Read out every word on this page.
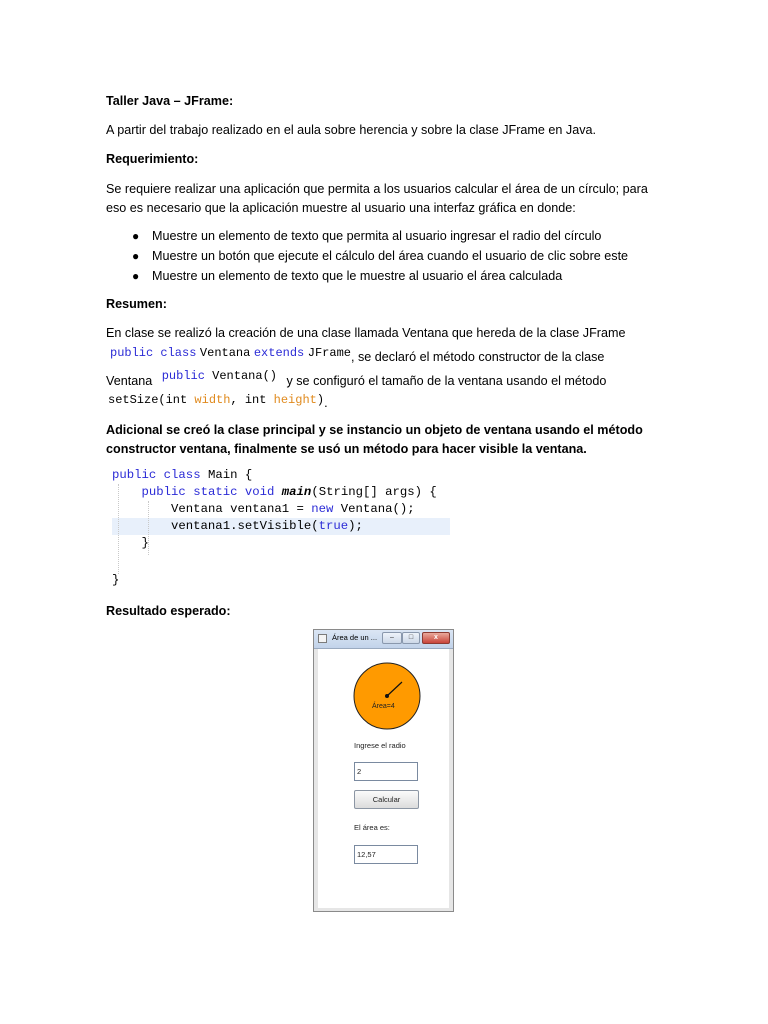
Taller Java – JFrame:

A partir del trabajo realizado en el aula sobre herencia y sobre la clase JFrame en Java.

Requerimiento:

Se requiere realizar una aplicación que permita a los usuarios calcular el área de un círculo; para

eso es necesario que la aplicación muestre al usuario una interfaz gráfica en donde:

● Muestre un elemento de texto que permita al usuario ingresar el radio del círculo
● Muestre un botón que ejecute el cálculo del área cuando el usuario de clic sobre este
● Muestre un elemento de texto que le muestre al usuario el área calculada

Resumen:

En clase se realizó la creación de una clase llamada Ventana que hereda de la clase JFrame

public class Ventana extends JFrame, se declaró el método constructor de la clase

Ventana public Ventana() y se configuró el tamaño de la ventana usando el método

setSize(int width, int height).

Adicional se creó la clase principal y se instancio un objeto de ventana usando el método

constructor ventana, finalmente se usó un método para hacer visible la ventana.

public class Main {
public static void main(String[] args) {
Ventana ventana1 = new Ventana();
ventana1.setVisible(true);
}
}

Resultado esperado:

Área de un ...	–	□	x
Área=4
Ingrese el radio
2
Calcular
El área es:
12,57
